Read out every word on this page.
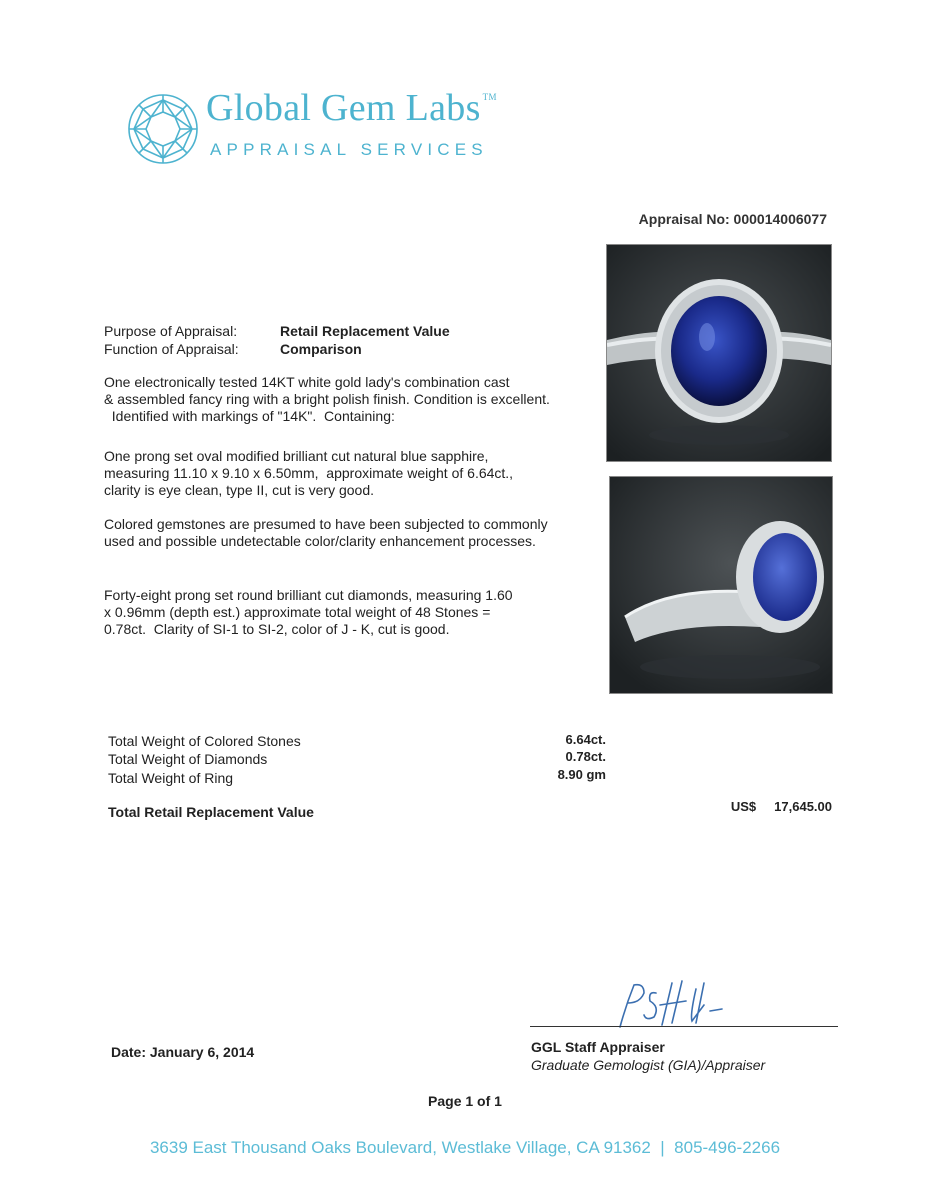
Global Gem Labs ™
APPRAISAL SERVICES
Appraisal No: 000014006077
Purpose of Appraisal:	Retail Replacement Value
Function of Appraisal:	Comparison
One electronically tested 14KT white gold lady's combination cast
& assembled fancy ring with a bright polish finish. Condition is excellent.
Identified with markings of "14K".  Containing:
One prong set oval modified brilliant cut natural blue sapphire,
measuring 11.10 x 9.10 x 6.50mm,  approximate weight of 6.64ct.,
clarity is eye clean, type II, cut is very good.
Colored gemstones are presumed to have been subjected to commonly
used and possible undetectable color/clarity enhancement processes.
Forty-eight prong set round brilliant cut diamonds, measuring 1.60
x 0.96mm (depth est.) approximate total weight of 48 Stones =
0.78ct.  Clarity of SI-1 to SI-2, color of J - K, cut is good.
Total Weight of Colored Stones	6.64ct.
Total Weight of Diamonds	0.78ct.
Total Weight of Ring	8.90 gm
Total Retail Replacement Value	US$ 17,645.00
GGL Staff Appraiser
Graduate Gemologist (GIA)/Appraiser
Date: January 6, 2014
Page 1 of 1
3639 East Thousand Oaks Boulevard, Westlake Village, CA 91362  |  805-496-2266
